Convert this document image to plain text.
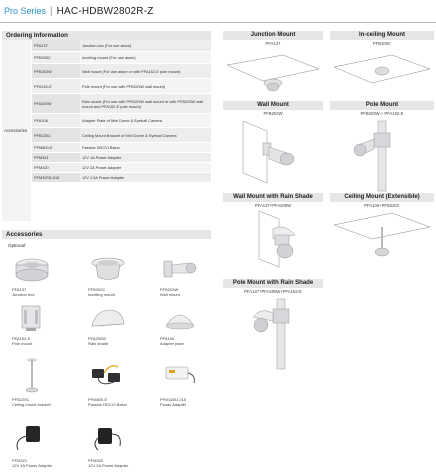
Pro Series | HAC-HDBW2802R-Z
Ordering Information
Accessories
PFA137	Junction box (For use alone)
PFB200C	Incelling mount (For use alone)
PFB203W	Wall mount (For use alone or with PFA152-E pole mount)
PFA152-E	Pole mount (For use with PFB203W wall mount)
PFA200W	Rain shade (For use with PFB203W wall mount or with PFB203W wall mount and PFA152-E pole mount)
PFA106	Adapter Plate of Mini Dome & Eyeball Camera
PFB220C	Ceiling Mount Bracket of Mini Dome & Eyeball Camera
PFM800-E	Passive HDCVI Balun
PFM321	12V 1A Power Adapter
PFM320	12V 2A Power Adapter
PFM320D-015	12V 1.5A Power Adapter
Accessories
Optional:
PFA137
Junction box
PFB200C
Incelling mount
PFB203W
Wall mount
PFA152-E
Pole mount
PFA200W
Rain shade
PFA106
Adapter plate
PFB220C
Ceiling mount bracket
PFM800-E
Passive HDCVI Balun
PFM320D-015
Power Adapter
PFM321
12V 1A Power Adapter
PFM320
12V 2A Power Adapter
Junction Mount
PFA137
In-ceiling Mount
PFB200C
Wall Mount
PFB203W
Pole Mount
PFB203W + PFA152-E
Wall Mount with Rain Shade
PFA137+PFA200W
Ceiling Mount (Extensible)
PFA106+PFB220C
Pole Mount with Rain Shade
PFA137+PFA200W+PFA152-E
